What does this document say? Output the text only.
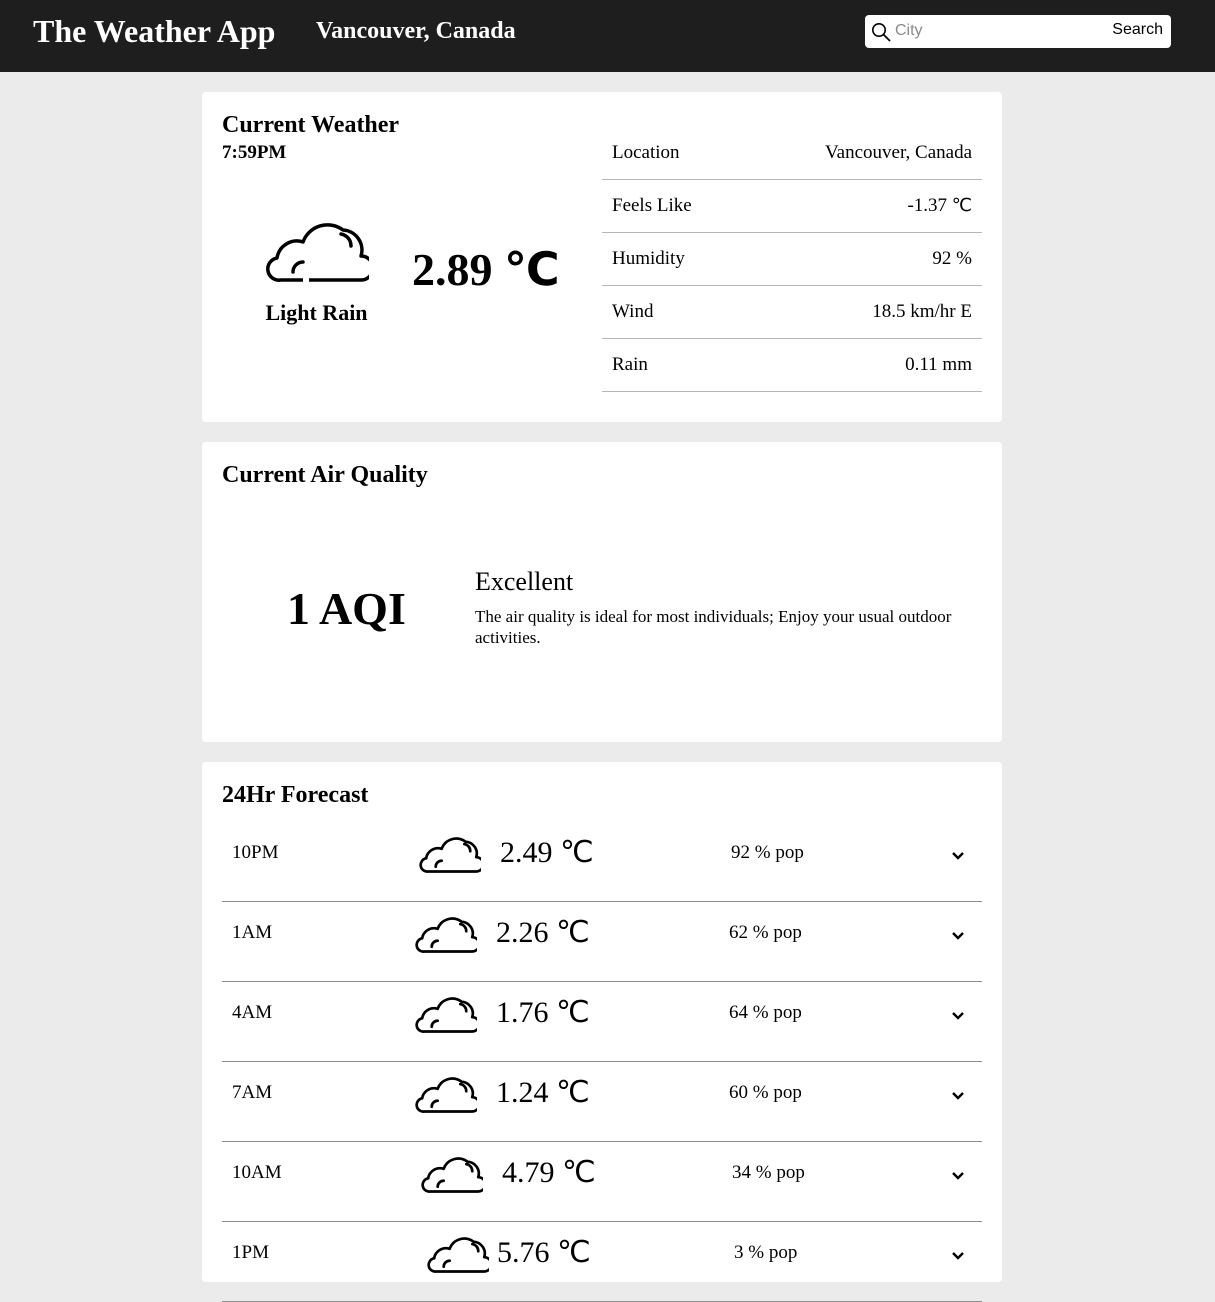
The Weather App Vancouver, Canada
City	Search
Current Weather
7:59PM
Light Rain
2.89 ℃
Location	Vancouver, Canada
Feels Like	-1.37 ℃
Humidity	92 %
Wind	18.5 km/hr E
Rain	0.11 mm
Current Air Quality
1 AQI
Excellent
The air quality is ideal for most individuals; Enjoy your usual outdoor activities.
24Hr Forecast
10PM	2.49 ℃	92 % pop
1AM	2.26 ℃	62 % pop
4AM	1.76 ℃	64 % pop
7AM	1.24 ℃	60 % pop
10AM	4.79 ℃	34 % pop
1PM	5.76 ℃	3 % pop
